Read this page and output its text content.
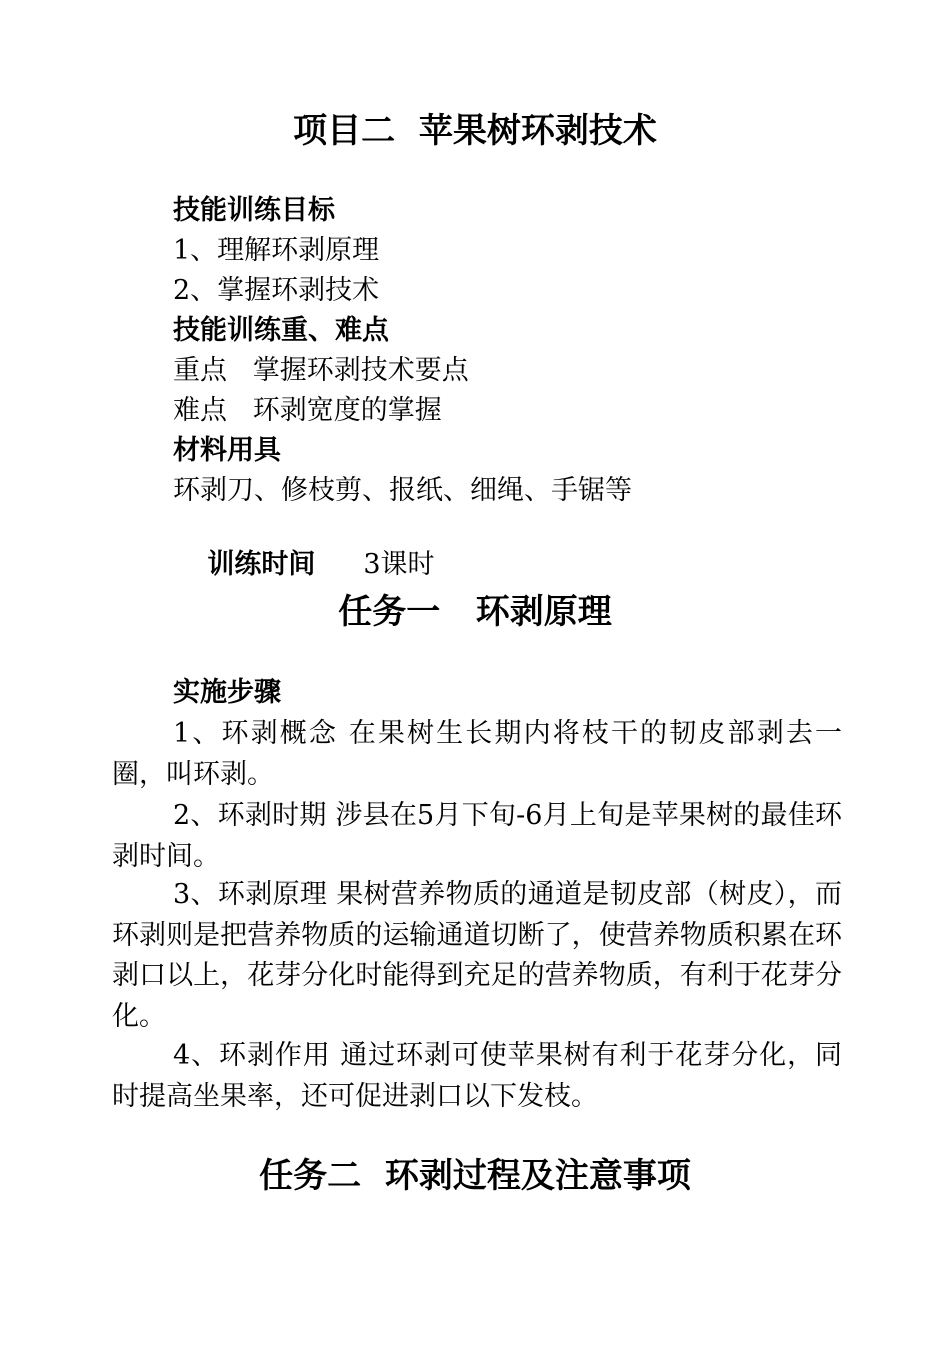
项目二  苹果树环剥技术
技能训练目标
1、理解环剥原理
2、掌握环剥技术
技能训练重、难点
重点   掌握环剥技术要点
难点   环剥宽度的掌握
材料用具
环剥刀、修枝剪、报纸、细绳、手锯等

训练时间 3课时

任务一   环剥原理
实施步骤
1、环剥概念 在果树生长期内将枝干的韧皮部剥去一圈，叫环剥。
2、环剥时期 涉县在5月下旬-6月上旬是苹果树的最佳环剥时间。
3、环剥原理 果树营养物质的通道是韧皮部（树皮），而环剥则是把营养物质的运输通道切断了，使营养物质积累在环剥口以上，花芽分化时能得到充足的营养物质，有利于花芽分化。
4、环剥作用 通过环剥可使苹果树有利于花芽分化，同时提高坐果率，还可促进剥口以下发枝。
任务二  环剥过程及注意事项
